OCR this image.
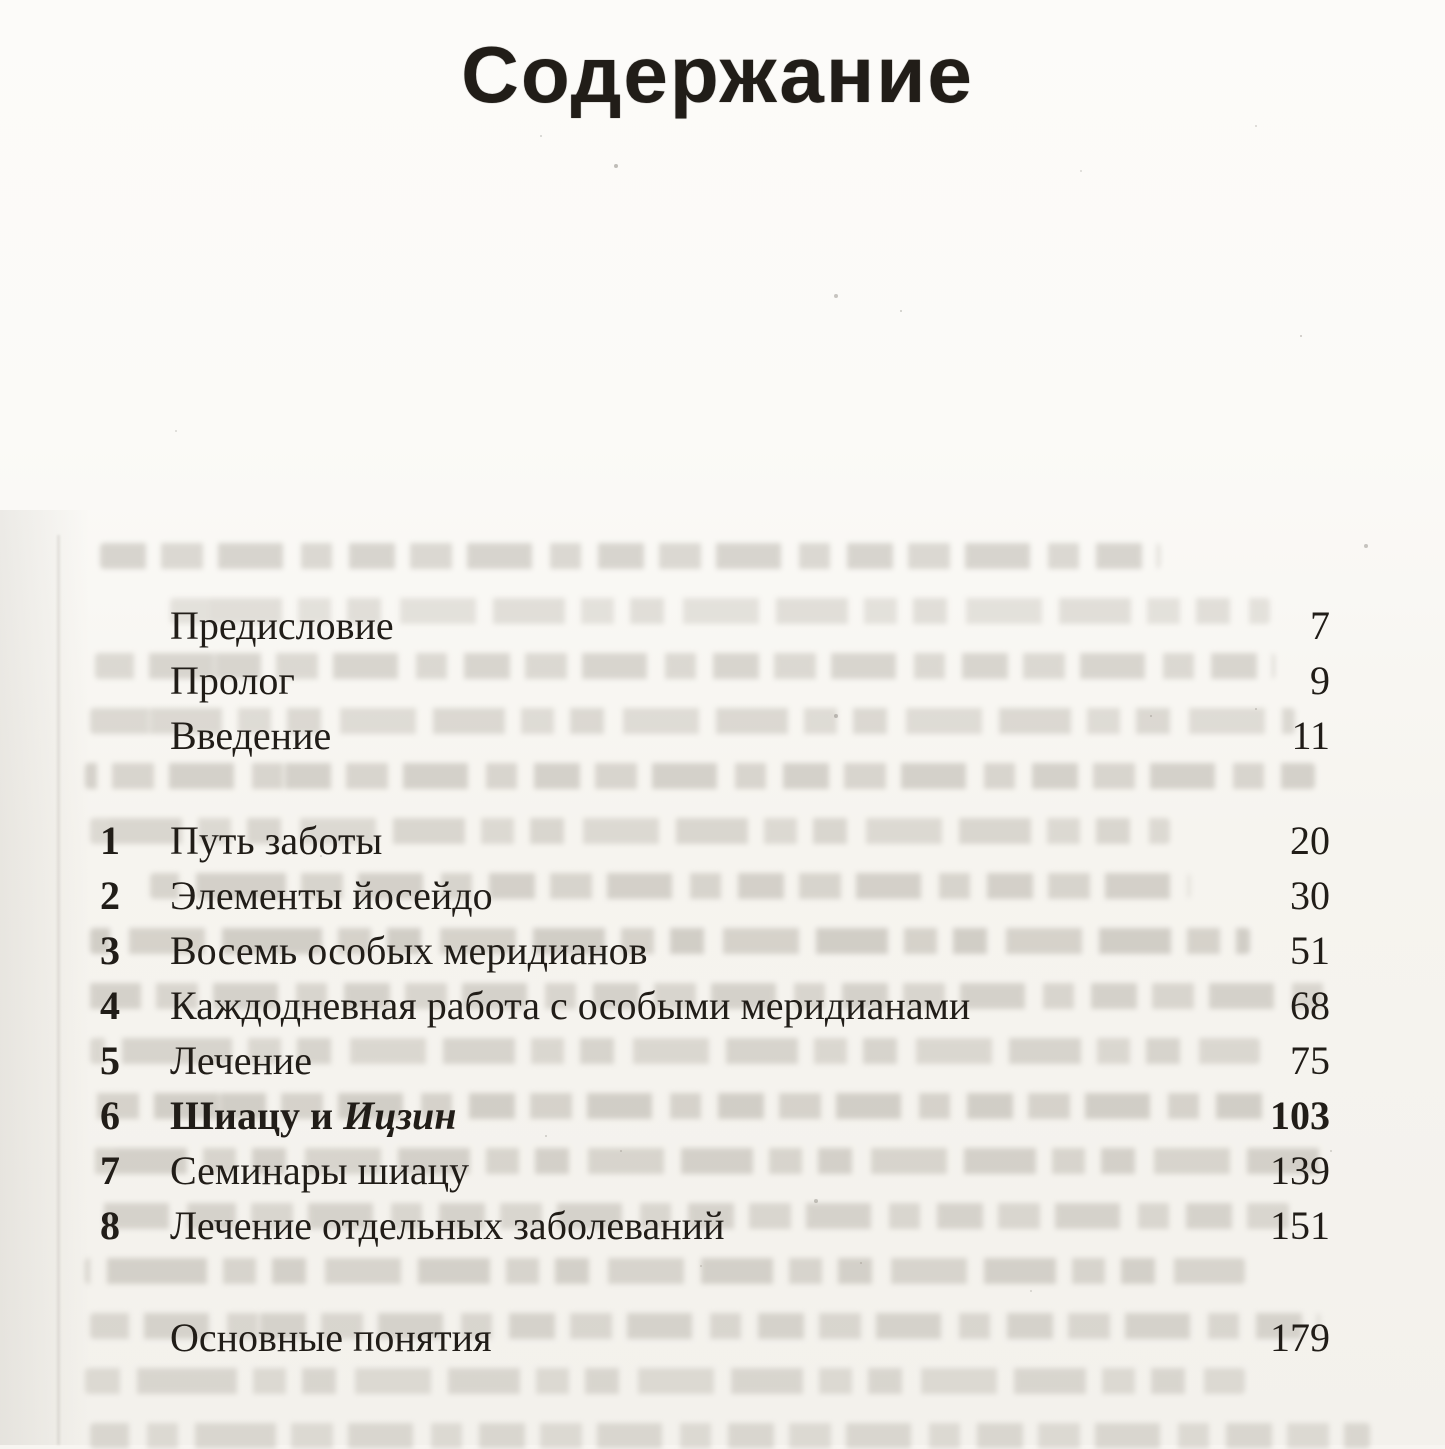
Содержание
Предисловие	7
Пролог	9
Введение	11
1	Путь заботы	20
2	Элементы йосейдо	30
3	Восемь особых меридианов	51
4	Каждодневная работа с особыми меридианами	68
5	Лечение	75
6	Шиацу и Ицзин	103
7	Семинары шиацу	139
8	Лечение отдельных заболеваний	151
Основные понятия	179
